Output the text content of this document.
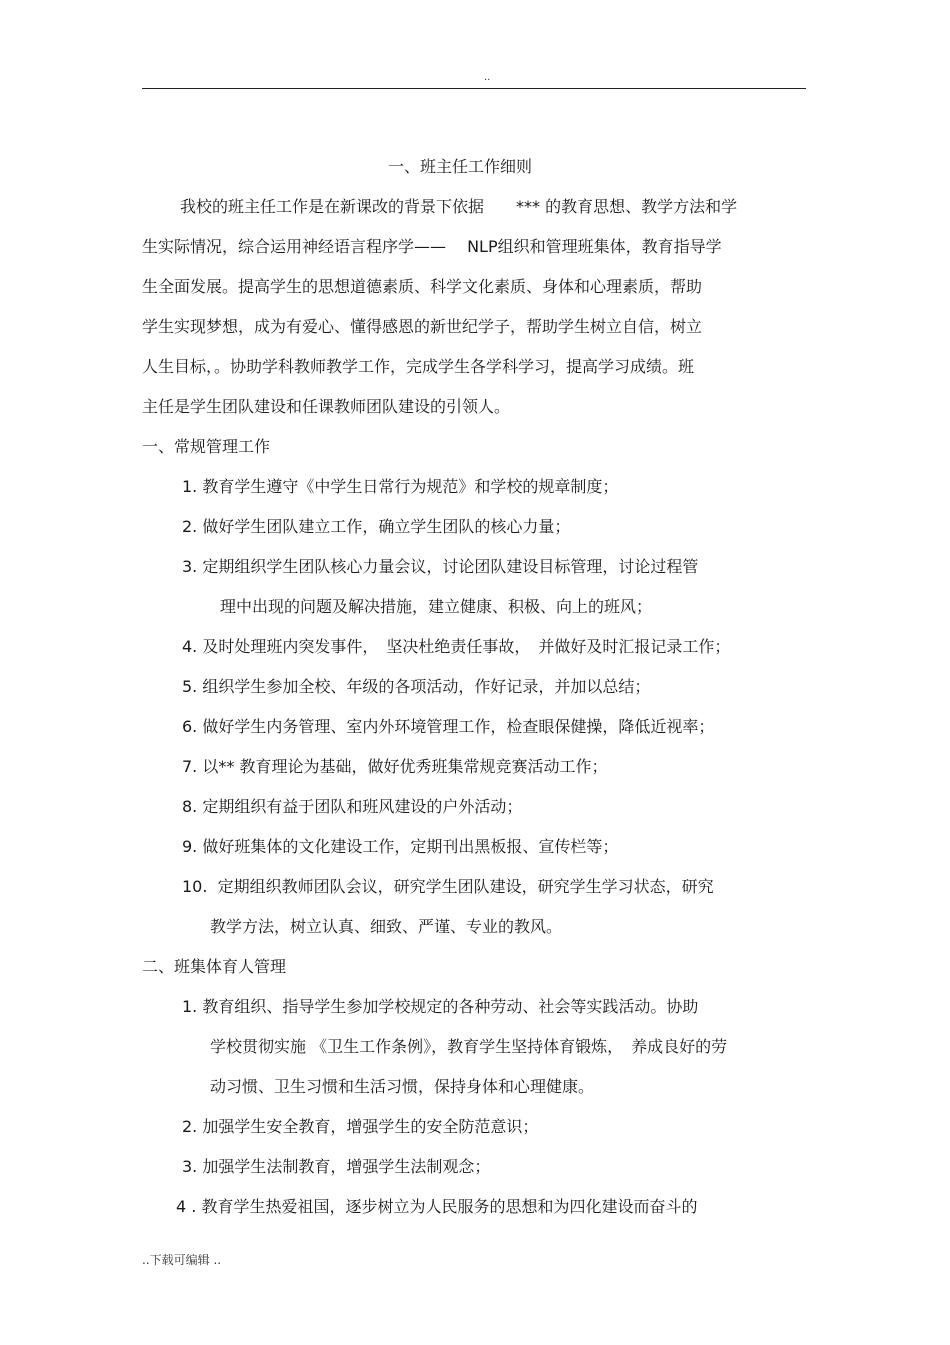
..
一、班主任工作细则
我校的班主任工作是在新课改的背景下依据　　*** 的教育思想、教学方法和学
生实际情况，综合运用神经语言程序学——　 NLP组织和管理班集体，教育指导学
生全面发展。提高学生的思想道德素质、科学文化素质、身体和心理素质，帮助
学生实现梦想，成为有爱心、懂得感恩的新世纪学子，帮助学生树立自信，树立
人生目标，。协助学科教师教学工作，完成学生各学科学习，提高学习成绩。班
主任是学生团队建设和任课教师团队建设的引领人。
一、常规管理工作
1. 教育学生遵守《中学生日常行为规范》和学校的规章制度；
2. 做好学生团队建立工作，确立学生团队的核心力量；
3. 定期组织学生团队核心力量会议，讨论团队建设目标管理，讨论过程管
理中出现的问题及解决措施，建立健康、积极、向上的班风；
4. 及时处理班内突发事件，　坚决杜绝责任事故，　并做好及时汇报记录工作；
5. 组织学生参加全校、年级的各项活动，作好记录，并加以总结；
6. 做好学生内务管理、室内外环境管理工作，检查眼保健操，降低近视率；
7. 以** 教育理论为基础，做好优秀班集常规竞赛活动工作；
8. 定期组织有益于团队和班风建设的户外活动；
9. 做好班集体的文化建设工作，定期刊出黑板报、宣传栏等；
10. 定期组织教师团队会议，研究学生团队建设，研究学生学习状态，研究
教学方法，树立认真、细致、严谨、专业的教风。
二、班集体育人管理
1. 教育组织、指导学生参加学校规定的各种劳动、社会等实践活动。协助
学校贯彻实施 《卫生工作条例》，教育学生坚持体育锻炼，　养成良好的劳
动习惯、卫生习惯和生活习惯，保持身体和心理健康。
2. 加强学生安全教育，增强学生的安全防范意识；
3. 加强学生法制教育，增强学生法制观念；
4 . 教育学生热爱祖国，逐步树立为人民服务的思想和为四化建设而奋斗的
..下载可编辑 ..
